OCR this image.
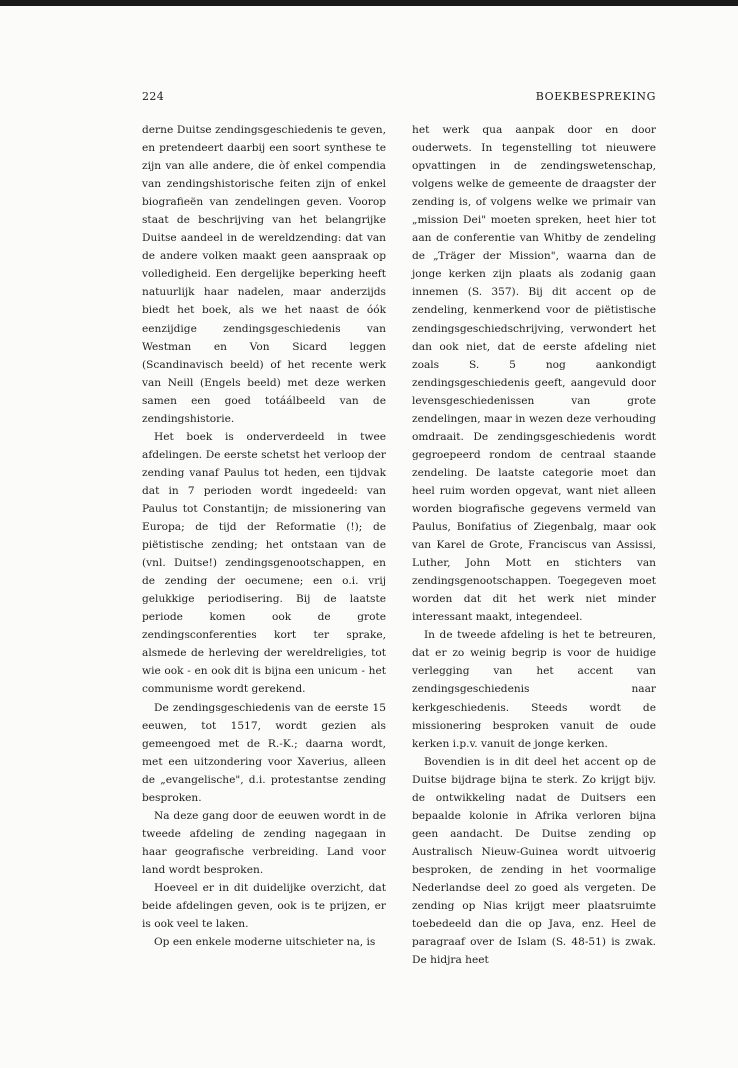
224	BOEKBESPREKING

derne Duitse zendingsgeschiedenis te geven, en pretendeert daarbij een soort synthese te zijn van alle andere, die òf enkel compendia van zendingshistorische feiten zijn of enkel biografieën van zendelingen geven. Voorop staat de beschrijving van het belangrijke Duitse aandeel in de wereldzending: dat van de andere volken maakt geen aanspraak op volledigheid. Een dergelijke beperking heeft natuurlijk haar nadelen, maar anderzijds biedt het boek, als we het naast de óók eenzijdige zendingsgeschiedenis van Westman en Von Sicard leggen (Scandinavisch beeld) of het recente werk van Neill (Engels beeld) met deze werken samen een goed totáálbeeld van de zendingshistorie.

Het boek is onderverdeeld in twee afdelingen. De eerste schetst het verloop der zending vanaf Paulus tot heden, een tijdvak dat in 7 perioden wordt ingedeeld: van Paulus tot Constantijn; de missionering van Europa; de tijd der Reformatie (!); de piëtistische zending; het ontstaan van de (vnl. Duitse!) zendingsgenootschappen, en de zending der oecumene; een o.i. vrij gelukkige periodisering. Bij de laatste periode komen ook de grote zendingsconferenties kort ter sprake, alsmede de herleving der wereldreligies, tot wie ook - en ook dit is bijna een unicum - het communisme wordt gerekend.

De zendingsgeschiedenis van de eerste 15 eeuwen, tot 1517, wordt gezien als gemeengoed met de R.-K.; daarna wordt, met een uitzondering voor Xaverius, alleen de „evangelische", d.i. protestantse zending besproken.

Na deze gang door de eeuwen wordt in de tweede afdeling de zending nagegaan in haar geografische verbreiding. Land voor land wordt besproken.

Hoeveel er in dit duidelijke overzicht, dat beide afdelingen geven, ook is te prijzen, er is ook veel te laken.

Op een enkele moderne uitschieter na, is

het werk qua aanpak door en door ouderwets. In tegenstelling tot nieuwere opvattingen in de zendingswetenschap, volgens welke de gemeente de draagster der zending is, of volgens welke we primair van „mission Dei" moeten spreken, heet hier tot aan de conferentie van Whitby de zendeling de „Träger der Mission", waarna dan de jonge kerken zijn plaats als zodanig gaan innemen (S. 357). Bij dit accent op de zendeling, kenmerkend voor de piëtistische zendingsgeschiedschrijving, verwondert het dan ook niet, dat de eerste afdeling niet zoals S. 5 nog aankondigt zendingsgeschiedenis geeft, aangevuld door levensgeschiedenissen van grote zendelingen, maar in wezen deze verhouding omdraait. De zendingsgeschiedenis wordt gegroepeerd rondom de centraal staande zendeling. De laatste categorie moet dan heel ruim worden opgevat, want niet alleen worden biografische gegevens vermeld van Paulus, Bonifatius of Ziegenbalg, maar ook van Karel de Grote, Franciscus van Assissi, Luther, John Mott en stichters van zendingsgenootschappen. Toegegeven moet worden dat dit het werk niet minder interessant maakt, integendeel.

In de tweede afdeling is het te betreuren, dat er zo weinig begrip is voor de huidige verlegging van het accent van zendingsgeschiedenis naar kerkgeschiedenis. Steeds wordt de missionering besproken vanuit de oude kerken i.p.v. vanuit de jonge kerken.

Bovendien is in dit deel het accent op de Duitse bijdrage bijna te sterk. Zo krijgt bijv. de ontwikkeling nadat de Duitsers een bepaalde kolonie in Afrika verloren bijna geen aandacht. De Duitse zending op Australisch Nieuw-Guinea wordt uitvoerig besproken, de zending in het voormalige Nederlandse deel zo goed als vergeten. De zending op Nias krijgt meer plaatsruimte toebedeeld dan die op Java, enz. Heel de paragraaf over de Islam (S. 48-51) is zwak. De hidjra heet
